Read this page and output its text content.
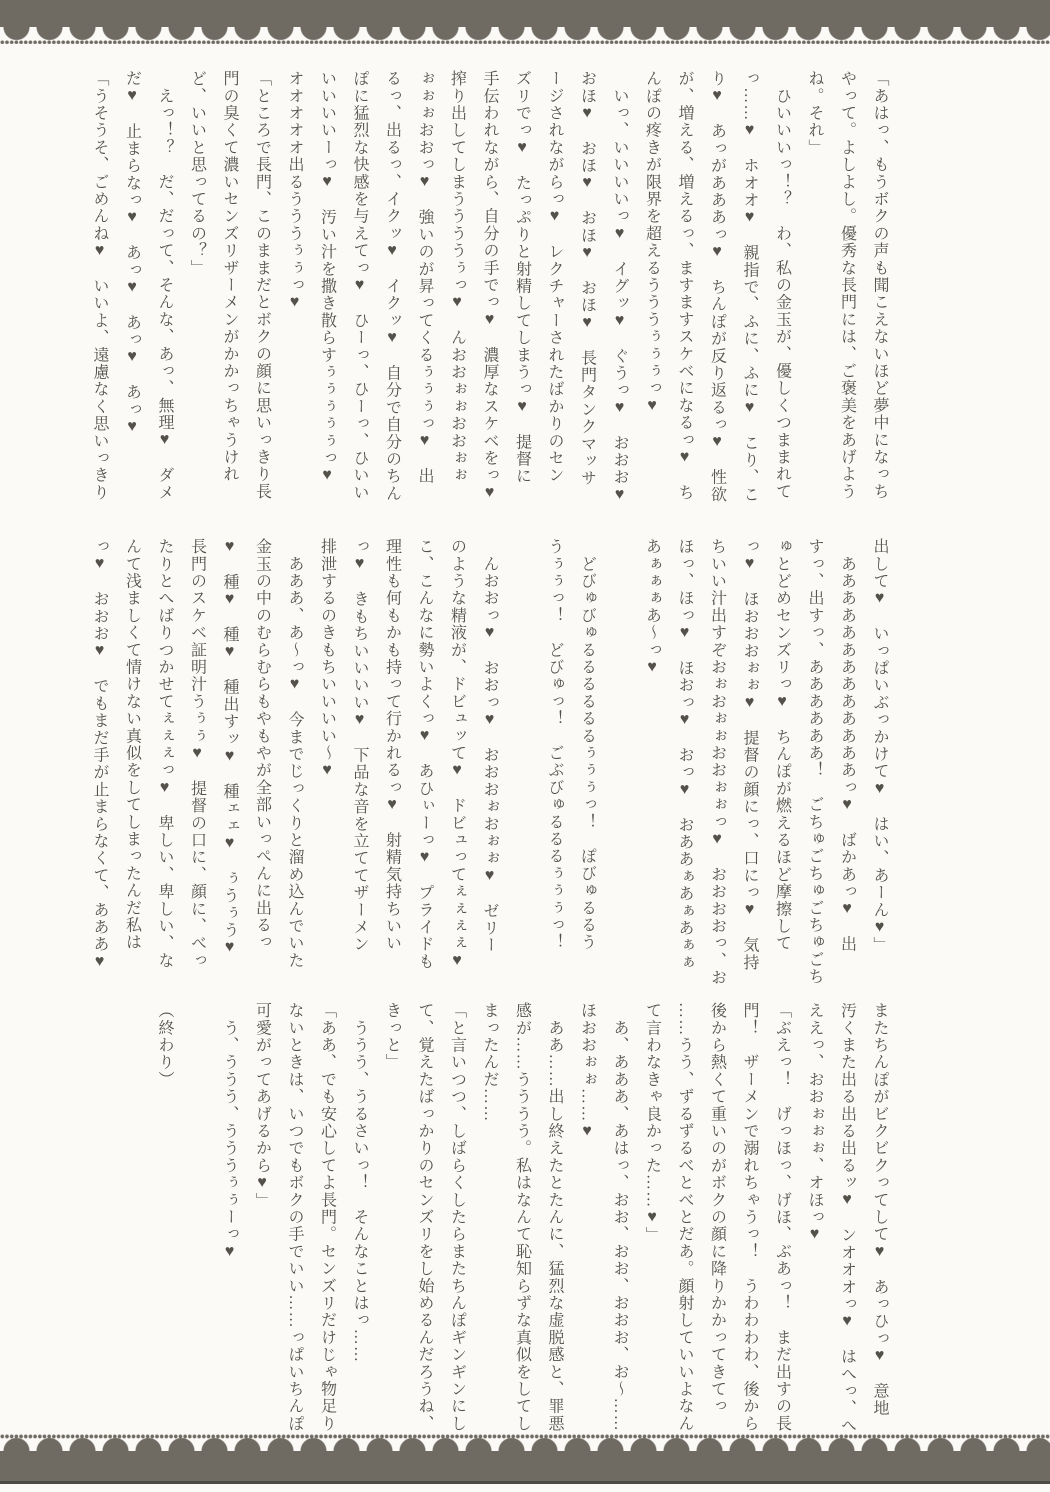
「あはっ、もうボクの声も聞こえないほど夢中になっち
やって。よしよし。優秀な長門には、ご褒美をあげよう
ね。それ」
　ひいいいっ！？　わ、私の金玉が、優しくつままれて
っ……♥　ホオオ♥　親指で、ふに、ふに♥　こり、こ
り♥　あっがあああっ♥　ちんぽが反り返るっ♥　性欲
が、増える、増えるっ、ますますスケベになるっ♥　ち
んぽの疼きが限界を超えるうううぅぅぅっ♥
　いっ、いいいいっ♥　イグッ♥　ぐうっ♥　おおお♥
おほ♥　おほ♥　おほ♥　おほ♥　長門タンクマッサ
ージされながらっ♥　レクチャーされたばかりのセン
ズリでっ♥　たっぷりと射精してしまうっ♥　提督に
手伝われながら、自分の手でっ♥　濃厚なスケベをっ♥
搾り出してしまううううぅっ♥　んおおぉぉおおぉぉ
ぉぉぉおおっ♥　強いのが昇ってくるぅぅぅっ♥　出
るっ、出るっ、イクッ♥　イクッ♥　自分で自分のちん
ぽに猛烈な快感を与えてっ♥　ひーっ、ひーっ、ひいい
いいいいーっ♥　汚い汁を撒き散らすぅぅぅぅぅっ♥
オオオオオ出るうううぅぅっ♥
「ところで長門、このままだとボクの顔に思いっきり長
門の臭くて濃いセンズリザーメンがかかっちゃうけれ
ど、いいと思ってるの？」
　えっ！？　だ、だって、そんな、あっ、無理♥　ダメ
だ♥　止まらなっ♥　あっ♥　あっ♥　あっ♥
「うそうそ、ごめんね♥　いいよ、遠慮なく思いっきり
出して♥　いっぱいぶっかけて♥　はい、あーん♥」
　あああああああああああああっ♥　ばかあっ♥　出
すっ、出すっ、ああああああ！　ごちゅごちゅごちゅごち
ゅとどめセンズリっ♥　ちんぽが燃えるほど摩擦して
っ♥　ほおおおぉぉ♥　提督の顔にっ、口にっ♥　気持
ちいい汁出すぞおぉおぉぉおおぉぉっ♥　おおおおっ、お
ほっ、ほっ♥　ほおっ♥　おっ♥　おああぁあぁあぁぁ
あぁぁぁあ～っ♥
　どびゅびゅるるるるるるぅぅぅっ！　ぽびゅるるう
うぅぅっ！　どびゅっ！　ごぶびゅるるるぅぅぅっ！
　んおおっ♥　おおっ♥　おおおぉおぉぉ♥　ゼリー
のような精液が、ドビュッて♥　ドビュってぇぇぇぇ♥
こ、こんなに勢いよくっ♥　あひぃーっ♥　プライドも
理性も何もかも持って行かれるっ♥　射精気持ちいい
っ♥　きもちいいいい♥　下品な音を立ててザーメン
排泄するのきもちいいいい～♥
　あああ、あ～っ♥　今までじっくりと溜め込んでいた
金玉の中のむらむらもやもやが全部いっぺんに出るっ
♥　種♥　種♥　種出すッ♥　種ェェ♥　ぅうぅう♥
長門のスケベ証明汁うぅぅ♥　提督の口に、顔に、べっ
たりとへばりつかせてぇぇぇっ♥　卑しい、卑しい、な
んて浅ましくて情けない真似をしてしまったんだ私は
っ♥　おおお♥　でもまだ手が止まらなくて、あああ♥
またちんぽがビクビクってして♥　あっひっ♥　意地
汚くまた出る出る出るッ♥　ンオオオっ♥　はへっ、へ
ええっ、おおぉぉぉ、オほっ♥
「ぶえっ！　げっほっ、げほ、ぶあっ！　まだ出すの長
門！　ザーメンで溺れちゃうっ！　うわわわわ、後から
後から熱くて重いのがボクの顔に降りかかってきてっ
……うう、ずるずるべとべとだあ。顔射していいよなん
て言わなきゃ良かった……♥」
　あ、あああ、あはっ、おお、おお、おおお、お～……
ほおおぉぉ……♥
　ああ……出し終えたとたんに、猛烈な虚脱感と、罪悪
感が……うううう。私はなんて恥知らずな真似をしてし
まったんだ……
「と言いつつ、しばらくしたらまたちんぽギンギンにし
て、覚えたばっかりのセンズリをし始めるんだろうね、
きっと」
　ううう、うるさいっ！　そんなことはっ……
「ああ、でも安心してよ長門。センズリだけじゃ物足り
ないときは、いつでもボクの手でいい……っぱいちんぽ
可愛がってあげるから♥」
　う、ううう、うううぅぅーっ♥
（終わり）
